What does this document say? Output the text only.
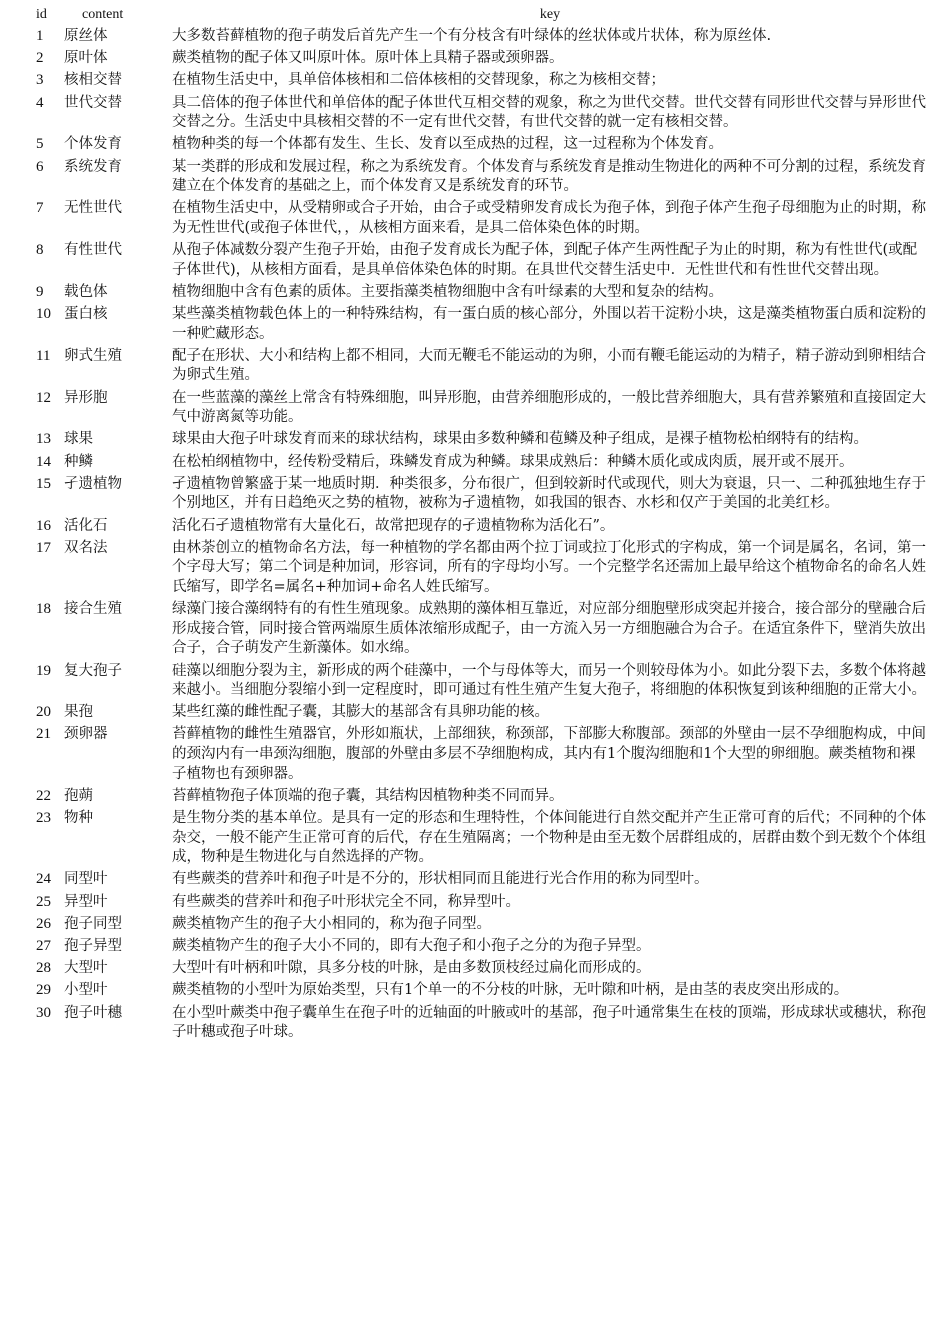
id	content	key
1	原丝体	大多数苔藓植物的孢子萌发后首先产生一个有分枝含有叶绿体的丝状体或片状体，称为原丝体.
2	原叶体	蕨类植物的配子体又叫原叶体。原叶体上具精子器或颈卵器。
3	核相交替	在植物生活史中，具单倍体核相和二倍体核相的交替现象，称之为核相交替；
4	世代交替	具二倍体的孢子体世代和单倍体的配子体世代互相交替的观象，称之为世代交替。世代交替有同形世代交替与异形世代交替之分。生活史中具核相交替的不一定有世代交替，有世代交替的就一定有核相交替。
5	个体发育	植物种类的每一个体都有发生、生长、发育以至成热的过程，这一过程称为个体发育。
6	系统发育	某一类群的形成和发展过程，称之为系统发育。个体发育与系统发育是推动生物进化的两种不可分割的过程，系统发育建立在个体发育的基础之上，而个体发育又是系统发育的环节。
7	无性世代	在植物生活史中，从受精卵或合子开始，由合子或受精卵发育成长为孢子体，到孢子体产生孢子母细胞为止的时期，称为无性世代(或孢子体世代，，从核相方面来看，是具二倍体染色体的时期。
8	有性世代	从孢子体减数分裂产生孢子开始，由孢子发育成长为配子体，到配子体产生两性配子为止的时期，称为有性世代(或配子体世代)，从核相方面看，是具单倍体染色体的时期。在具世代交替生活史中．无性世代和有性世代交替出现。
9	载色体	植物细胞中含有色素的质体。主要指藻类植物细胞中含有叶绿素的大型和复杂的结构。
10	蛋白核	某些藻类植物载色体上的一种特殊结构，有一蛋白质的核心部分，外围以若干淀粉小块，这是藻类植物蛋白质和淀粉的一种贮藏形态。
11	卵式生殖	配子在形状、大小和结构上都不相同，大而无鞭毛不能运动的为卵，小而有鞭毛能运动的为精子，精子游动到卵相结合为卵式生殖。
12	异形胞	在一些蓝藻的藻丝上常含有特殊细胞，叫异形胞，由营养细胞形成的，一般比营养细胞大，具有营养繁殖和直接固定大气中游离氮等功能。
13	球果	球果由大孢子叶球发育而来的球状结构，球果由多数种鳞和苞鳞及种子组成，是裸子植物松柏纲特有的结构。
14	种鳞	在松柏纲植物中，经传粉受精后，珠鳞发育成为种鳞。球果成熟后：种鳞木质化或成肉质，展开或不展开。
15	孑遗植物	孑遗植物曾繁盛于某一地质时期．种类很多，分布很广，但到较新时代或现代，则大为衰退，只一、二种孤独地生存于个别地区，并有日趋绝灭之势的植物，被称为孑遗植物，如我国的银杏、水杉和仅产于美国的北美红杉。
16	活化石	活化石孑遗植物常有大量化石，故常把现存的孑遗植物称为活化石”。
17	双名法	由林荼创立的植物命名方法，每一种植物的学名都由两个拉丁词或拉丁化形式的字构成，第一个词是属名，名词，第一个字母大写；第二个词是种加词，形容词，所有的字母均小写。一个完整学名还需加上最早给这个植物命名的命名人姓氏缩写，即学名=属名+种加词+命名人姓氏缩写。
18	接合生殖	绿藻门接合藻纲特有的有性生殖现象。成熟期的藻体相互靠近，对应部分细胞壁形成突起并接合，接合部分的壁融合后形成接合管，同时接合管两端原生质体浓缩形成配子，由一方流入另一方细胞融合为合子。在适宜条件下，壁消失放出合子，合子萌发产生新藻体。如水绵。
19	复大孢子	硅藻以细胞分裂为主，新形成的两个硅藻中，一个与母体等大，而另一个则较母体为小。如此分裂下去，多数个体将越来越小。当细胞分裂缩小到一定程度时，即可通过有性生殖产生复大孢子，将细胞的体积恢复到该种细胞的正常大小。
20	果孢	某些红藻的雌性配子囊，其膨大的基部含有具卵功能的核。
21	颈卵器	苔藓植物的雌性生殖器官，外形如瓶状，上部细狭，称颈部，下部膨大称腹部。颈部的外壁由一层不孕细胞构成，中间的颈沟内有一串颈沟细胞，腹部的外壁由多层不孕细胞构成，其内有1个腹沟细胞和1个大型的卵细胞。蕨类植物和裸子植物也有颈卵器。
22	孢蒴	苔藓植物孢子体顶端的孢子囊，其结构因植物种类不同而异。
23	物种	是生物分类的基本单位。是具有一定的形态和生理特性，个体间能进行自然交配并产生正常可育的后代；不同种的个体杂交，一般不能产生正常可育的后代，存在生殖隔离；一个物种是由至无数个居群组成的，居群由数个到无数个个体组成，物种是生物进化与自然选择的产物。
24	同型叶	有些蕨类的营养叶和孢子叶是不分的，形状相同而且能进行光合作用的称为同型叶。
25	异型叶	有些蕨类的营养叶和孢子叶形状完全不同，称异型叶。
26	孢子同型	蕨类植物产生的孢子大小相同的，称为孢子同型。
27	孢子异型	蕨类植物产生的孢子大小不同的，即有大孢子和小孢子之分的为孢子异型。
28	大型叶	大型叶有叶柄和叶隙，具多分枝的叶脉，是由多数顶枝经过扁化而形成的。
29	小型叶	蕨类植物的小型叶为原始类型，只有1个单一的不分枝的叶脉，无叶隙和叶柄，是由茎的表皮突出形成的。
30	孢子叶穗	在小型叶蕨类中孢子囊单生在孢子叶的近轴面的叶腋或叶的基部，孢子叶通常集生在枝的顶端，形成球状或穗状，称孢子叶穗或孢子叶球。
